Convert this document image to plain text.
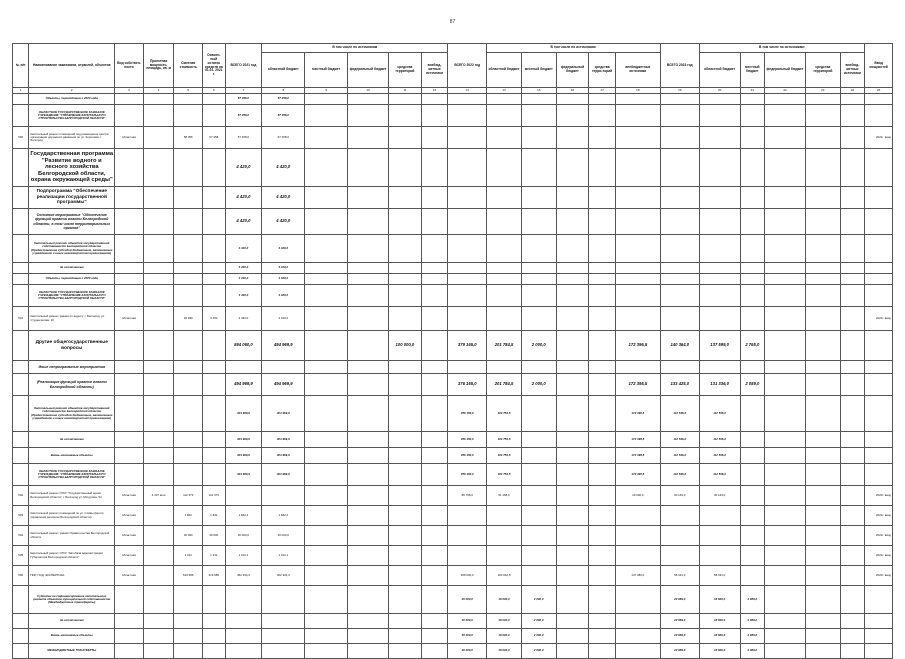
87
№ п/п	Наименование заказчиков, отраслей, объектов	Вид собствен-ности	Проектная мощность, площадь, кв. м	Сметная стоимость	Освоен-ный остаток средств на 01.01. 2021 г.	ВСЕГО 2021 год	В том числе по источникам					ВСЕГО 2022 год	В том числе по источникам:					ВСЕГО 2023 год	В том числе по источникам:					Ввод мощностей
							областной бюджет	местный бюджет	федеральный бюджет	средства территорий	внебюд-жетные источники		областной бюджет	местный бюджет	федеральный бюджет	средства терри-торий	внебюджетных источники		областной бюджет	местный бюджет	федеральный бюджет	средства территорий	внебюд-жетные источники	
1	2	3	4	5	6	7	8	9	10	11	12	13	14	15	16	17	18	19	20	21	22	23	24	25
	Объекты, переходящие с 2020 года					57 458,0	57 458,0																	
	ОБЛАСТНОЕ ГОСУДАРСТВЕННОЕ КАЗЕННОЕ УЧРЕЖДЕНИЕ "УПРАВЛЕНИЕ КАПИТАЛЬНОГО СТРОИТЕЛЬСТВА БЕЛГОРОДСКОЙ ОБЛАСТИ"					57 458,0	57 458,0																	
500	Капитальный ремонт помещений под размещение центра организации дорожного движения по ул. Королева, г. Белгород	областная		58 356	57 458	57 458,0	57 458,0																	2021г. ввод
	Государственная программа "Развитие водного и лесного хозяйства Белгородской области, охрана окружающей среды"					4 420,0	4 420,0																	
	Подпрограмма "Обеспечение реализации государственной программы"					4 420,0	4 420,0																	
	Основное мероприятие "Обеспечение функций органов власти Белгородской области, в том числе территориальных органов"					4 420,0	4 420,0																	
	Капитальный ремонт объектов государственной собственности Белгородской области (Предоставление субсидий бюджетным, автономным учреждениям и иным некоммерческим организациям)					4 420,0	4 420,0																	
	За исключением					4 420,0	4 420,0																	
	Объекты, переходящие с 2020 года					4 420,0	4 420,0																	
	ОБЛАСТНОЕ ГОСУДАРСТВЕННОЕ КАЗЕННОЕ УЧРЕЖДЕНИЕ "УПРАВЛЕНИЕ КАПИТАЛЬНОГО СТРОИТЕЛЬСТВА БЕЛГОРОДСКОЙ ОБЛАСТИ"					4 420,0	4 420,0																	
501	Капитальный ремонт здания по адресу: г. Белгород, ул. Студенческая, 1б	областная		18 930	4 450	4 420,0	4 420,0																	2021г. ввод
	Другие общегосударственные вопросы					594 060,0	494 969,9			100 000,0		379 165,0	201 784,5	2 000,0			172 396,5	140 364,0	137 599,0	2 765,0				
	Иные непрограммные мероприятия																							
	(Реализация функций органов власти Белгородской области)					494 969,9	494 969,9					376 165,0	201 784,5	2 000,0			172 395,5	133 425,0	131 336,0	2 089,0				
	Капитальный ремонт объектов государственной собственности Белгородской области (Предоставление субсидий бюджетным, автономным учреждениям и иным некоммерческим организациям)					404 969,9	404 969,9					356 150,0	183 754,5				172 396,5	112 536,0	112 536,0					
	За исключением					404 969,9	404 969,9					356 150,0	183 754,5				172 396,5	112 536,0	112 536,0					
	Вновь начинаемые объекты					404 969,9	404 969,9					356 150,0	183 754,5				172 396,5	112 536,0	112 536,0					
	ОБЛАСТНОЕ ГОСУДАРСТВЕННОЕ КАЗЕННОЕ УЧРЕЖДЕНИЕ "УПРАВЛЕНИЕ КАПИТАЛЬНОГО СТРОИТЕЛЬСТВА БЕЛГОРОДСКОЙ ОБЛАСТИ"					404 969,9	404 969,9					356 150,0	183 754,5				172 396,5	112 536,0	112 536,0					
502	Капитальный ремонт ОГКУ "Государственный архив Белгородской области", г. Белгород ул. Мичурина, 54	областная	4 437 кв.м	112 373	112 373							80 798,0	51 198,0				29 600,0	30 163,0	30 163,0					2023г. ввод
503	Капитальный ремонт помещений по ул. Славы (Центр управления регионом Белгородской области)	областная		1 842	1 842	1 842,2	1 842,2																	2021г. ввод
504	Капитальный ремонт здания Правительства Белгородской области	областная		30 000	30 000	30 000,0	30 000,0																	2021г. ввод
505	Капитальный ремонт ОГКУ "Автобаза администрации Губернатора Белгородской области"	областная		1 312	1 312	1 312,1	1 312,1																	2021г. ввод
506	ПИР, ПСД, ЭКСПЕРТИЗА	областная		619 586	619 586	462 334,3	462 334,3					308 000,0	160 616,5				147 386,0	58 331,0	58 331,0					2023г. ввод
	Субсидии на софинансирование капитального ремонта объектов муниципальной собственности (Межбюджетные трансферты)											20 000,0	18 000,0	2 000,0				20 889,0	18 800,0	2 089,0				
	За исключением											20 000,0	18 000,0	2 000,0				20 889,0	18 800,0	2 089,0				
	Вновь начинаемые объекты											20 000,0	18 000,0	2 000,0				20 889,0	18 800,0	2 089,0				
	МЕЖБЮДЖЕТНЫЕ ТРАНСФЕРТЫ											20 000,0	18 000,0	2 000,0				20 889,0	18 800,0	2 089,0				
